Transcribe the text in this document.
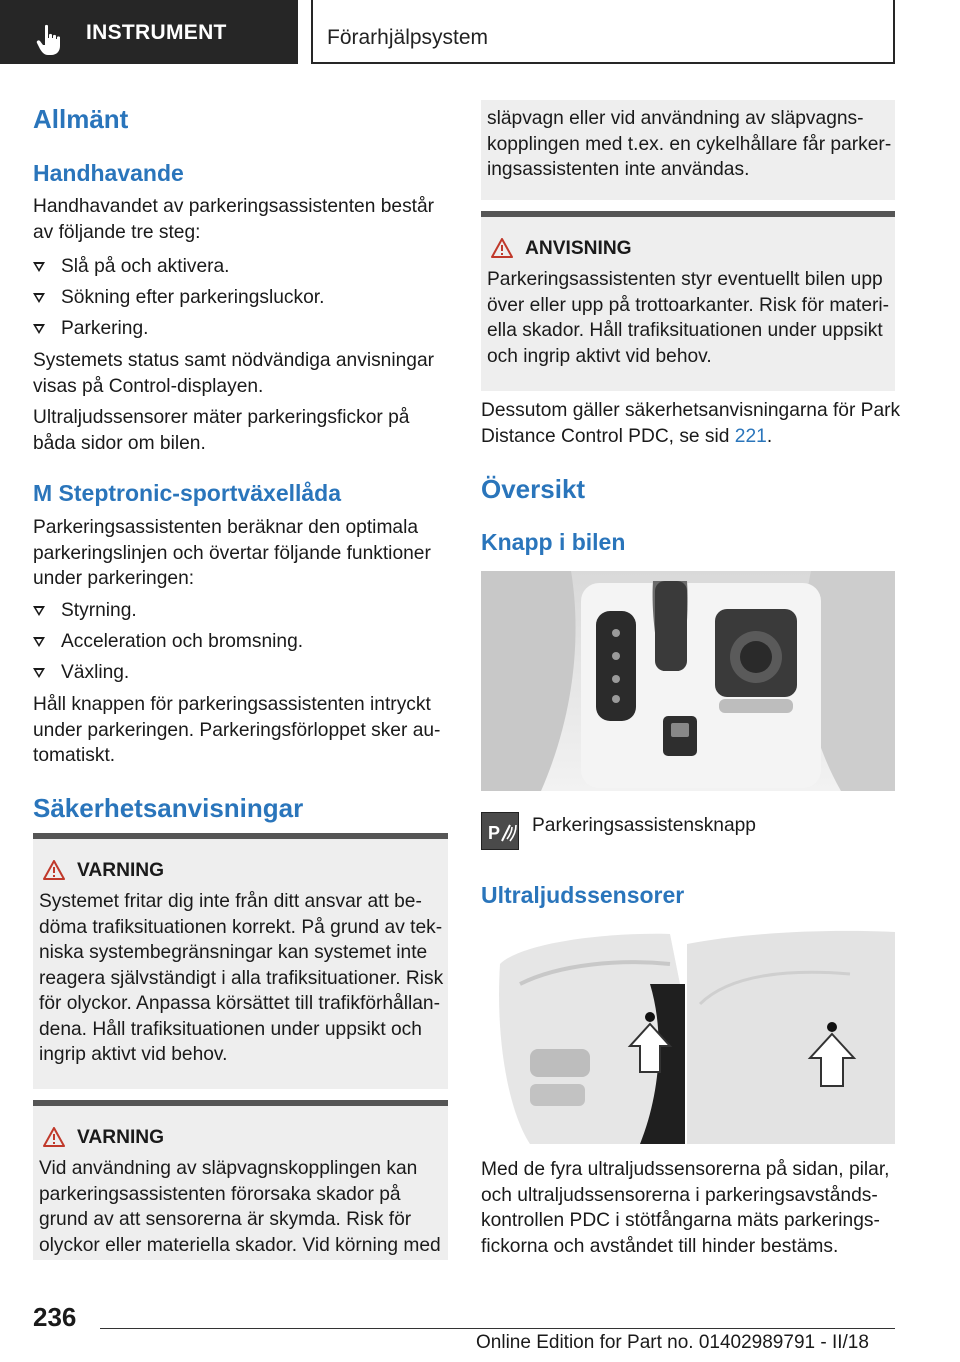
INSTRUMENT	Förarhjälpsystem
Allmänt
Handhavande
Handhavandet av parkeringsassistenten består
av följande tre steg:
Slå på och aktivera.
Sökning efter parkeringsluckor.
Parkering.
Systemets status samt nödvändiga anvisningar
visas på Control-displayen.
Ultraljudssensorer mäter parkeringsfickor på
båda sidor om bilen.
M Steptronic-sportväxellåda
Parkeringsassistenten beräknar den optimala
parkeringslinjen och övertar följande funktioner
under parkeringen:
Styrning.
Acceleration och bromsning.
Växling.
Håll knappen för parkeringsassistenten intryckt
under parkeringen. Parkeringsförloppet sker au-
tomatiskt.
Säkerhetsanvisningar
VARNING
Systemet fritar dig inte från ditt ansvar att be-
döma trafiksituationen korrekt. På grund av tek-
niska systembegränsningar kan systemet inte
reagera självständigt i alla trafiksituationer. Risk
för olyckor. Anpassa körsättet till trafikförhållan-
dena. Håll trafiksituationen under uppsikt och
ingrip aktivt vid behov.
VARNING
Vid användning av släpvagnskopplingen kan
parkeringsassistenten förorsaka skador på
grund av att sensorerna är skymda. Risk för
olyckor eller materiella skador. Vid körning med
släpvagn eller vid användning av släpvagns-
kopplingen med t.ex. en cykelhållare får parker-
ingsassistenten inte användas.
ANVISNING
Parkeringsassistenten styr eventuellt bilen upp
över eller upp på trottoarkanter. Risk för materi-
ella skador. Håll trafiksituationen under uppsikt
och ingrip aktivt vid behov.
Dessutom gäller säkerhetsanvisningarna för Park
Distance Control PDC, se sid 221.
Översikt
Knapp i bilen
P Parkeringsassistensknapp
Ultraljudssensorer
Med de fyra ultraljudssensorerna på sidan, pilar,
och ultraljudssensorerna i parkeringsavstånds-
kontrollen PDC i stötfångarna mäts parkerings-
fickorna och avståndet till hinder bestäms.
236
Online Edition for Part no. 01402989791 - II/18
